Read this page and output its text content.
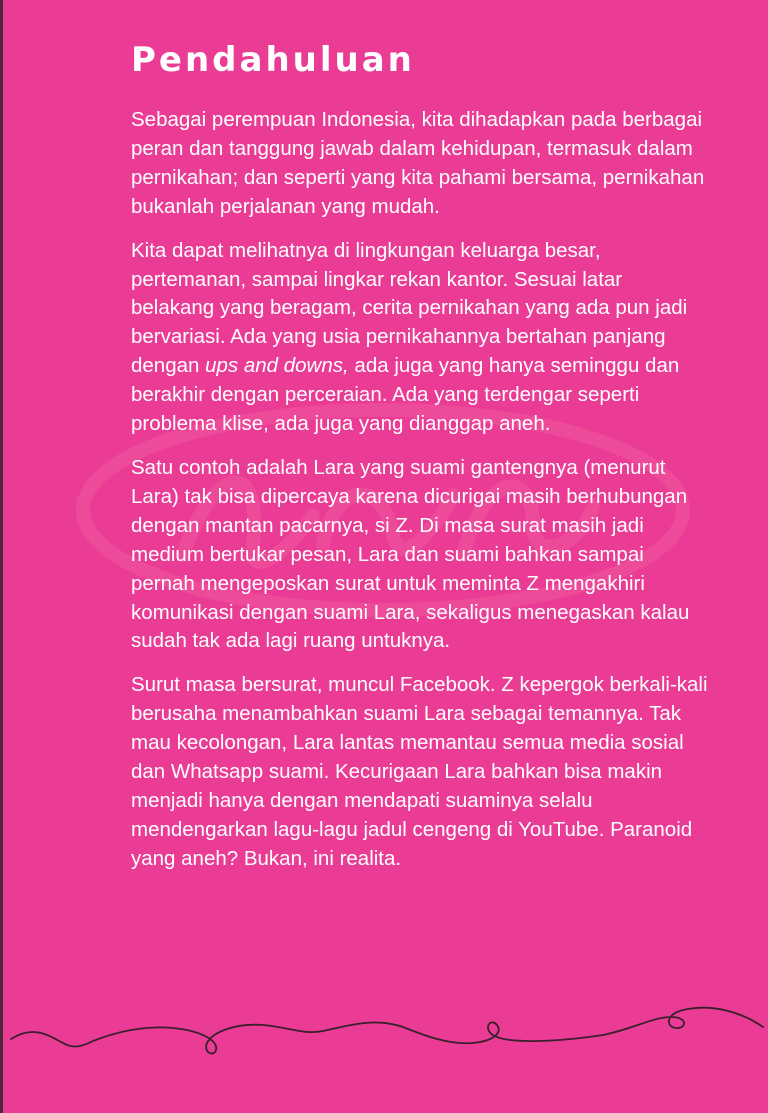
Pendahuluan

Sebagai perempuan Indonesia, kita dihadapkan pada berbagai peran dan tanggung jawab dalam kehidupan, termasuk dalam pernikahan; dan seperti yang kita pahami bersama, pernikahan bukanlah perjalanan yang mudah.

Kita dapat melihatnya di lingkungan keluarga besar, pertemanan, sampai lingkar rekan kantor. Sesuai latar belakang yang beragam, cerita pernikahan yang ada pun jadi bervariasi. Ada yang usia pernikahannya bertahan panjang dengan ups and downs, ada juga yang hanya seminggu dan berakhir dengan perceraian. Ada yang terdengar seperti problema klise, ada juga yang dianggap aneh.

Satu contoh adalah Lara yang suami gantengnya (menurut Lara) tak bisa dipercaya karena dicurigai masih berhubungan dengan mantan pacarnya, si Z. Di masa surat masih jadi medium bertukar pesan, Lara dan suami bahkan sampai pernah mengeposkan surat untuk meminta Z mengakhiri komunikasi dengan suami Lara, sekaligus menegaskan kalau sudah tak ada lagi ruang untuknya.

Surut masa bersurat, muncul Facebook. Z kepergok berkali-kali berusaha menambahkan suami Lara sebagai temannya. Tak mau kecolongan, Lara lantas memantau semua media sosial dan Whatsapp suami. Kecurigaan Lara bahkan bisa makin menjadi hanya dengan mendapati suaminya selalu mendengarkan lagu-lagu jadul cengeng di YouTube. Paranoid yang aneh? Bukan, ini realita.
